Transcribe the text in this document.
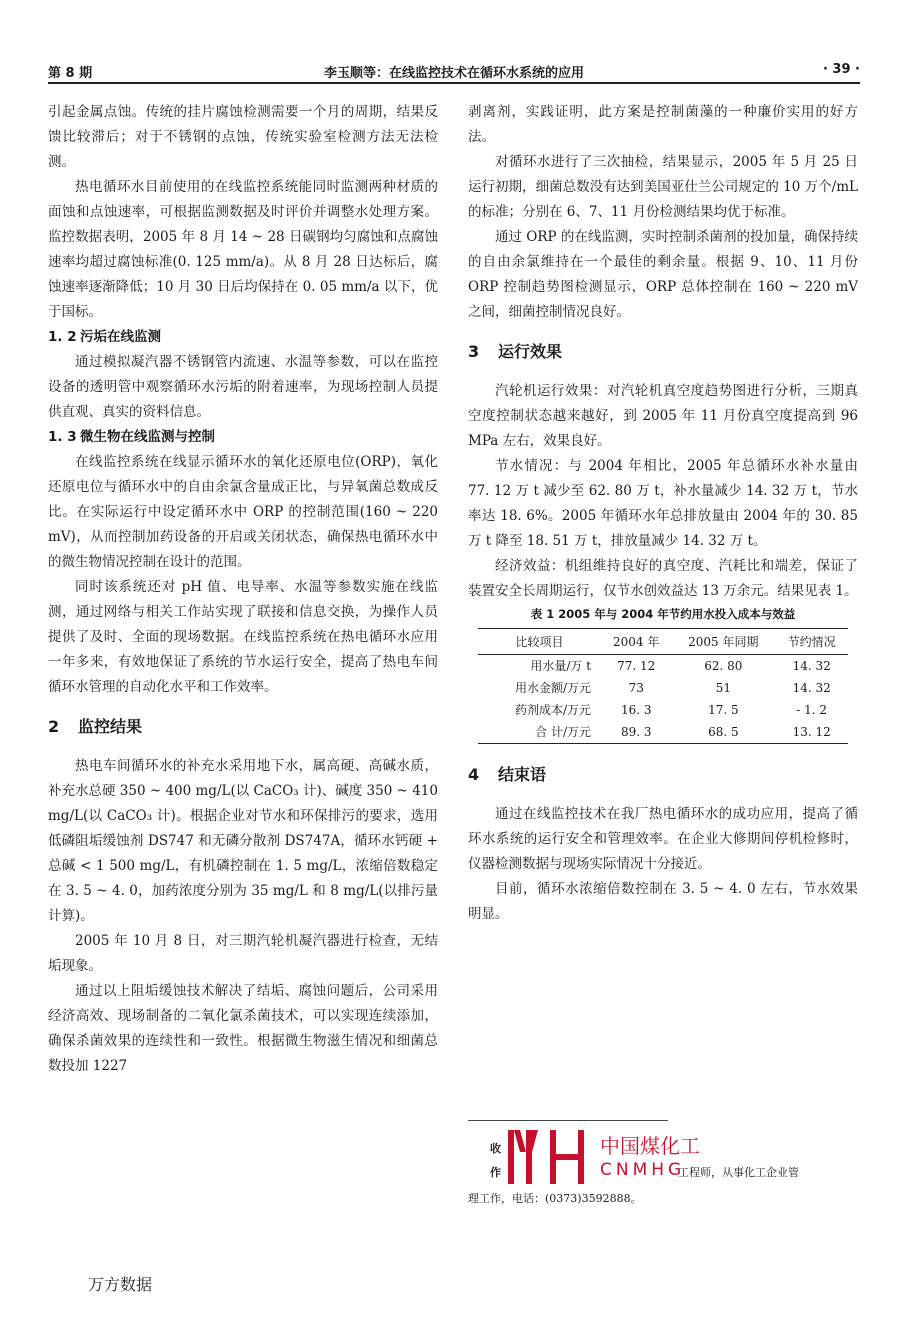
第 8 期	李玉顺等：在线监控技术在循环水系统的应用	· 39 ·

引起金属点蚀。传统的挂片腐蚀检测需要一个月的周期，结果反馈比较滞后；对于不锈钢的点蚀，传统实验室检测方法无法检测。

热电循环水目前使用的在线监控系统能同时监测两种材质的面蚀和点蚀速率，可根据监测数据及时评价并调整水处理方案。监控数据表明，2005 年 8 月 14 ~ 28 日碳钢均匀腐蚀和点腐蚀速率均超过腐蚀标准(0. 125 mm/a)。从 8 月 28 日达标后，腐蚀速率逐渐降低；10 月 30 日后均保持在 0. 05 mm/a 以下，优于国标。

1. 2 污垢在线监测

通过模拟凝汽器不锈钢管内流速、水温等参数，可以在监控设备的透明管中观察循环水污垢的附着速率，为现场控制人员提供直观、真实的资料信息。

1. 3 微生物在线监测与控制

在线监控系统在线显示循环水的氧化还原电位(ORP)，氧化还原电位与循环水中的自由余氯含量成正比，与异氧菌总数成反比。在实际运行中设定循环水中 ORP 的控制范围(160 ~ 220 mV)，从而控制加药设备的开启或关闭状态，确保热电循环水中的微生物情况控制在设计的范围。

同时该系统还对 pH 值、电导率、水温等参数实施在线监测，通过网络与相关工作站实现了联接和信息交换，为操作人员提供了及时、全面的现场数据。在线监控系统在热电循环水应用一年多来，有效地保证了系统的节水运行安全，提高了热电车间循环水管理的自动化水平和工作效率。

2 监控结果

热电车间循环水的补充水采用地下水，属高硬、高碱水质，补充水总硬 350 ~ 400 mg/L(以 CaCO₃ 计)、碱度 350 ~ 410 mg/L(以 CaCO₃ 计)。根据企业对节水和环保排污的要求，选用低磷阻垢缓蚀剂 DS747 和无磷分散剂 DS747A，循环水钙硬 + 总碱 < 1 500 mg/L，有机磷控制在 1. 5 mg/L，浓缩倍数稳定在 3. 5 ~ 4. 0，加药浓度分别为 35 mg/L 和 8 mg/L(以排污量计算)。

2005 年 10 月 8 日，对三期汽轮机凝汽器进行检查，无结垢现象。

通过以上阻垢缓蚀技术解决了结垢、腐蚀问题后，公司采用经济高效、现场制备的二氧化氯杀菌技术，可以实现连续添加，确保杀菌效果的连续性和一致性。根据微生物滋生情况和细菌总数投加 1227

剥离剂，实践证明，此方案是控制菌藻的一种廉价实用的好方法。

对循环水进行了三次抽检，结果显示，2005 年 5 月 25 日运行初期，细菌总数没有达到美国亚仕兰公司规定的 10 万个/mL 的标准；分别在 6、7、11 月份检测结果均优于标准。

通过 ORP 的在线监测，实时控制杀菌剂的投加量，确保持续的自由余氯维持在一个最佳的剩余量。根据 9、10、11 月份 ORP 控制趋势图检测显示，ORP 总体控制在 160 ~ 220 mV 之间，细菌控制情况良好。

3 运行效果

汽轮机运行效果：对汽轮机真空度趋势图进行分析，三期真空度控制状态越来越好，到 2005 年 11 月份真空度提高到 96 MPa 左右，效果良好。

节水情况：与 2004 年相比，2005 年总循环水补水量由 77. 12 万 t 减少至 62. 80 万 t，补水量减少 14. 32 万 t，节水率达 18. 6%。2005 年循环水年总排放量由 2004 年的 30. 85 万 t 降至 18. 51 万 t，排放量减少 14. 32 万 t。

经济效益：机组维持良好的真空度、汽耗比和端差，保证了装置安全长周期运行，仅节水创效益达 13 万余元。结果见表 1。

表 1 2005 年与 2004 年节约用水投入成本与效益
比较项目	2004 年	2005 年同期	节约情况
用水量/万 t	77. 12	62. 80	14. 32
用水金额/万元	73	51	14. 32
药剂成本/万元	16. 3	17. 5	- 1. 2
合 计/万元	89. 3	68. 5	13. 12
4 结束语

通过在线监控技术在我厂热电循环水的成功应用，提高了循环水系统的运行安全和管理效率。在企业大修期间停机检修时，仪器检测数据与现场实际情况十分接近。

目前，循环水浓缩倍数控制在 3. 5 ~ 4. 0 左右，节水效果明显。

收
作	工程师，从事化工企业管
理工作，电话：(0373)3592888。
中国煤化工
CNMHG
万方数据
